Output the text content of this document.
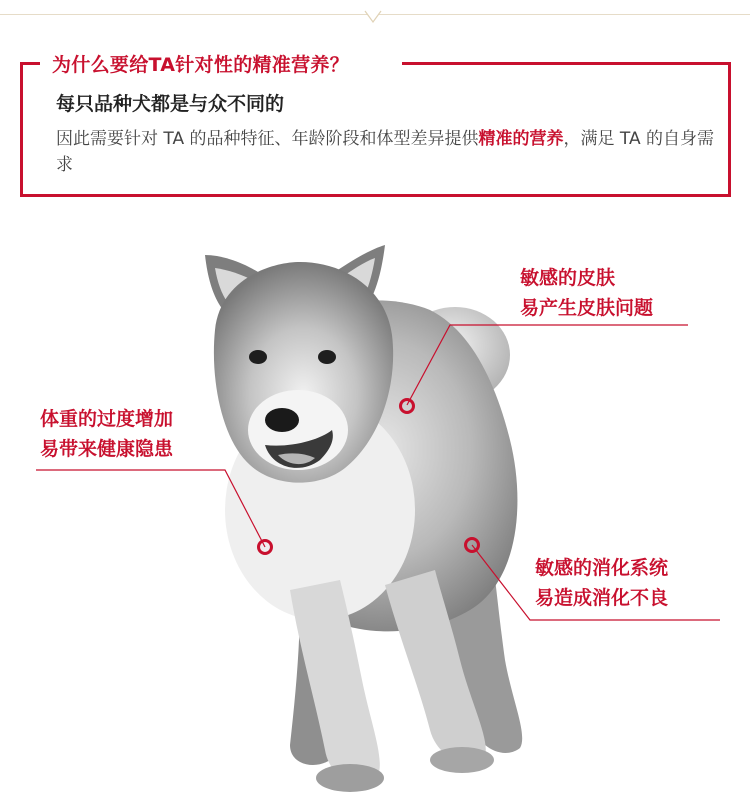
为什么要给TA针对性的精准营养？
每只品种犬都是与众不同的
因此需要针对 TA 的品种特征、年龄阶段和体型差异提供精准的营养，满足 TA 的自身需求
敏感的皮肤
易产生皮肤问题
体重的过度增加
易带来健康隐患
敏感的消化系统
易造成消化不良
